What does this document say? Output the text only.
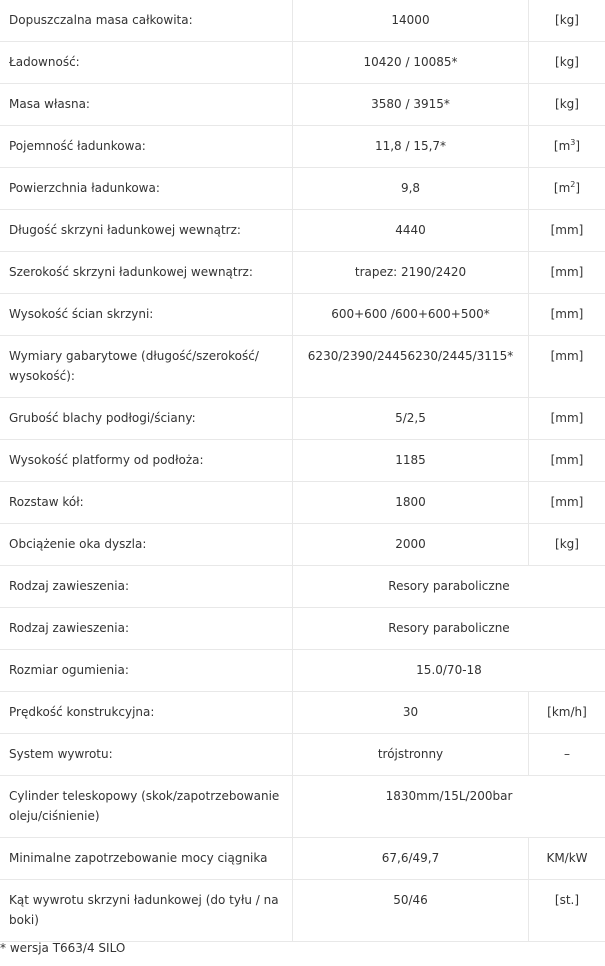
Dopuszczalna masa całkowita:	14000	[kg]
Ładowność:	10420 / 10085*	[kg]
Masa własna:	3580 / 3915*	[kg]
Pojemność ładunkowa:	11,8 / 15,7*	$[m^3]$
Powierzchnia ładunkowa:	9,8	$[m^2]$
Długość skrzyni ładunkowej wewnątrz:	4440	[mm]
Szerokość skrzyni ładunkowej wewnątrz:	trapez: 2190/2420	[mm]
Wysokość ścian skrzyni:	600+600 /600+600+500*	[mm]
Wymiary gabarytowe (długość/szerokość/ wysokość):	6230/2390/24456230/2445/3115*	[mm]
Grubość blachy podłogi/ściany:	5/2,5	[mm]
Wysokość platformy od podłoża:	1185	[mm]
Rozstaw kół:	1800	[mm]
Obciążenie oka dyszla:	2000	[kg]
Rodzaj zawieszenia:	Resory paraboliczne	
Rodzaj zawieszenia:	Resory paraboliczne	
Rozmiar ogumienia:	15.0/70-18	
Prędkość konstrukcyjna:	30	[km/h]
System wywrotu:	trójstronny	–
Cylinder teleskopowy (skok/zapotrzebowanie oleju/ciśnienie)	1830mm/15L/200bar	
Minimalne zapotrzebowanie mocy ciągnika	67,6/49,7	KM/kW
Kąt wywrotu skrzyni ładunkowej (do tyłu / na boki)	50/46	[st.]
* wersja T663/4 SILO
